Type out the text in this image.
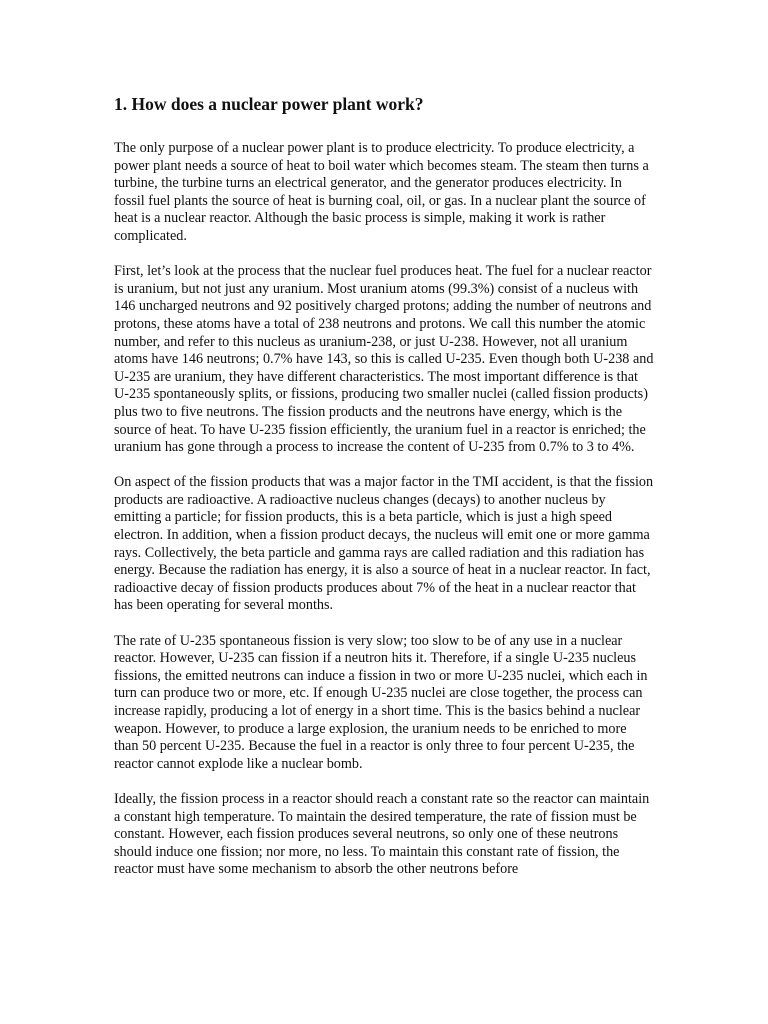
1. How does a nuclear power plant work?

The only purpose of a nuclear power plant is to produce electricity. To produce electricity, a power plant needs a source of heat to boil water which becomes steam. The steam then turns a turbine, the turbine turns an electrical generator, and the generator produces electricity. In fossil fuel plants the source of heat is burning coal, oil, or gas. In a nuclear plant the source of heat is a nuclear reactor. Although the basic process is simple, making it work is rather complicated.

First, let’s look at the process that the nuclear fuel produces heat. The fuel for a nuclear reactor is uranium, but not just any uranium. Most uranium atoms (99.3%) consist of a nucleus with 146 uncharged neutrons and 92 positively charged protons; adding the number of neutrons and protons, these atoms have a total of 238 neutrons and protons. We call this number the atomic number, and refer to this nucleus as uranium-238, or just U-238. However, not all uranium atoms have 146 neutrons; 0.7% have 143, so this is called U-235. Even though both U-238 and U-235 are uranium, they have different characteristics. The most important difference is that U-235 spontaneously splits, or fissions, producing two smaller nuclei (called fission products) plus two to five neutrons. The fission products and the neutrons have energy, which is the source of heat. To have U-235 fission efficiently, the uranium fuel in a reactor is enriched; the uranium has gone through a process to increase the content of U-235 from 0.7% to 3 to 4%.

On aspect of the fission products that was a major factor in the TMI accident, is that the fission products are radioactive. A radioactive nucleus changes (decays) to another nucleus by emitting a particle; for fission products, this is a beta particle, which is just a high speed electron. In addition, when a fission product decays, the nucleus will emit one or more gamma rays. Collectively, the beta particle and gamma rays are called radiation and this radiation has energy. Because the radiation has energy, it is also a source of heat in a nuclear reactor. In fact, radioactive decay of fission products produces about 7% of the heat in a nuclear reactor that has been operating for several months.

The rate of U-235 spontaneous fission is very slow; too slow to be of any use in a nuclear reactor. However, U-235 can fission if a neutron hits it. Therefore, if a single U-235 nucleus fissions, the emitted neutrons can induce a fission in two or more U-235 nuclei, which each in turn can produce two or more, etc. If enough U-235 nuclei are close together, the process can increase rapidly, producing a lot of energy in a short time. This is the basics behind a nuclear weapon. However, to produce a large explosion, the uranium needs to be enriched to more than 50 percent U-235. Because the fuel in a reactor is only three to four percent U-235, the reactor cannot explode like a nuclear bomb.

Ideally, the fission process in a reactor should reach a constant rate so the reactor can maintain a constant high temperature. To maintain the desired temperature, the rate of fission must be constant. However, each fission produces several neutrons, so only one of these neutrons should induce one fission; nor more, no less. To maintain this constant rate of fission, the reactor must have some mechanism to absorb the other neutrons before
